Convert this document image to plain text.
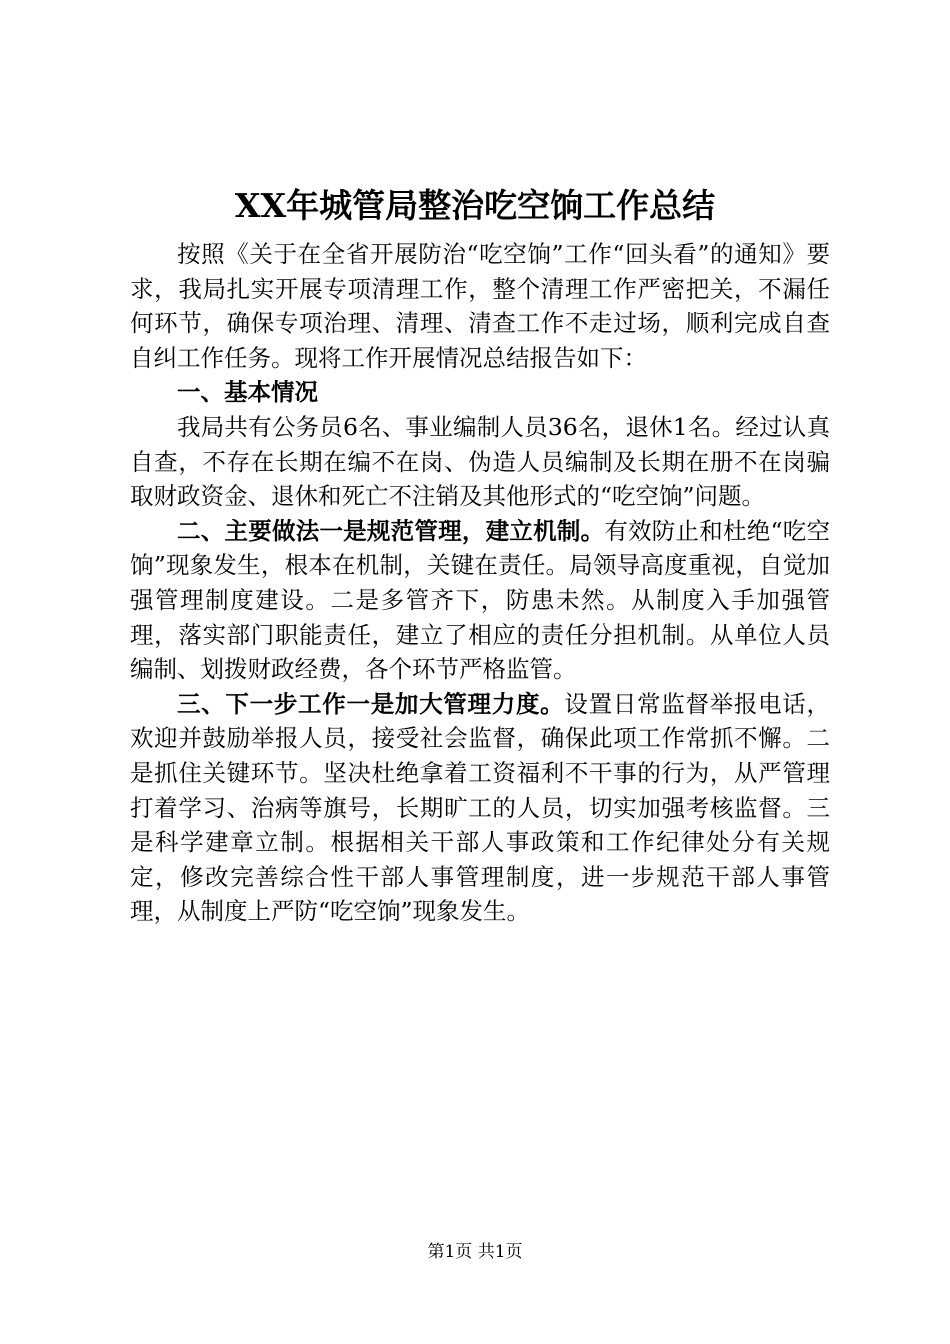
XX年城管局整治吃空饷工作总结

按照《关于在全省开展防治“吃空饷”工作“回头看”的通知》要求，我局扎实开展专项清理工作，整个清理工作严密把关，不漏任何环节，确保专项治理、清理、清查工作不走过场，顺利完成自查自纠工作任务。现将工作开展情况总结报告如下：

一、基本情况

我局共有公务员6名、事业编制人员36名，退休1名。经过认真自查，不存在长期在编不在岗、伪造人员编制及长期在册不在岗骗取财政资金、退休和死亡不注销及其他形式的“吃空饷”问题。

二、主要做法一是规范管理，建立机制。有效防止和杜绝“吃空饷”现象发生，根本在机制，关键在责任。局领导高度重视，自觉加强管理制度建设。二是多管齐下，防患未然。从制度入手加强管理，落实部门职能责任，建立了相应的责任分担机制。从单位人员编制、划拨财政经费，各个环节严格监管。

三、下一步工作一是加大管理力度。设置日常监督举报电话，欢迎并鼓励举报人员，接受社会监督，确保此项工作常抓不懈。二是抓住关键环节。坚决杜绝拿着工资福利不干事的行为，从严管理打着学习、治病等旗号，长期旷工的人员，切实加强考核监督。三是科学建章立制。根据相关干部人事政策和工作纪律处分有关规定，修改完善综合性干部人事管理制度，进一步规范干部人事管理，从制度上严防“吃空饷”现象发生。

第1页 共1页
